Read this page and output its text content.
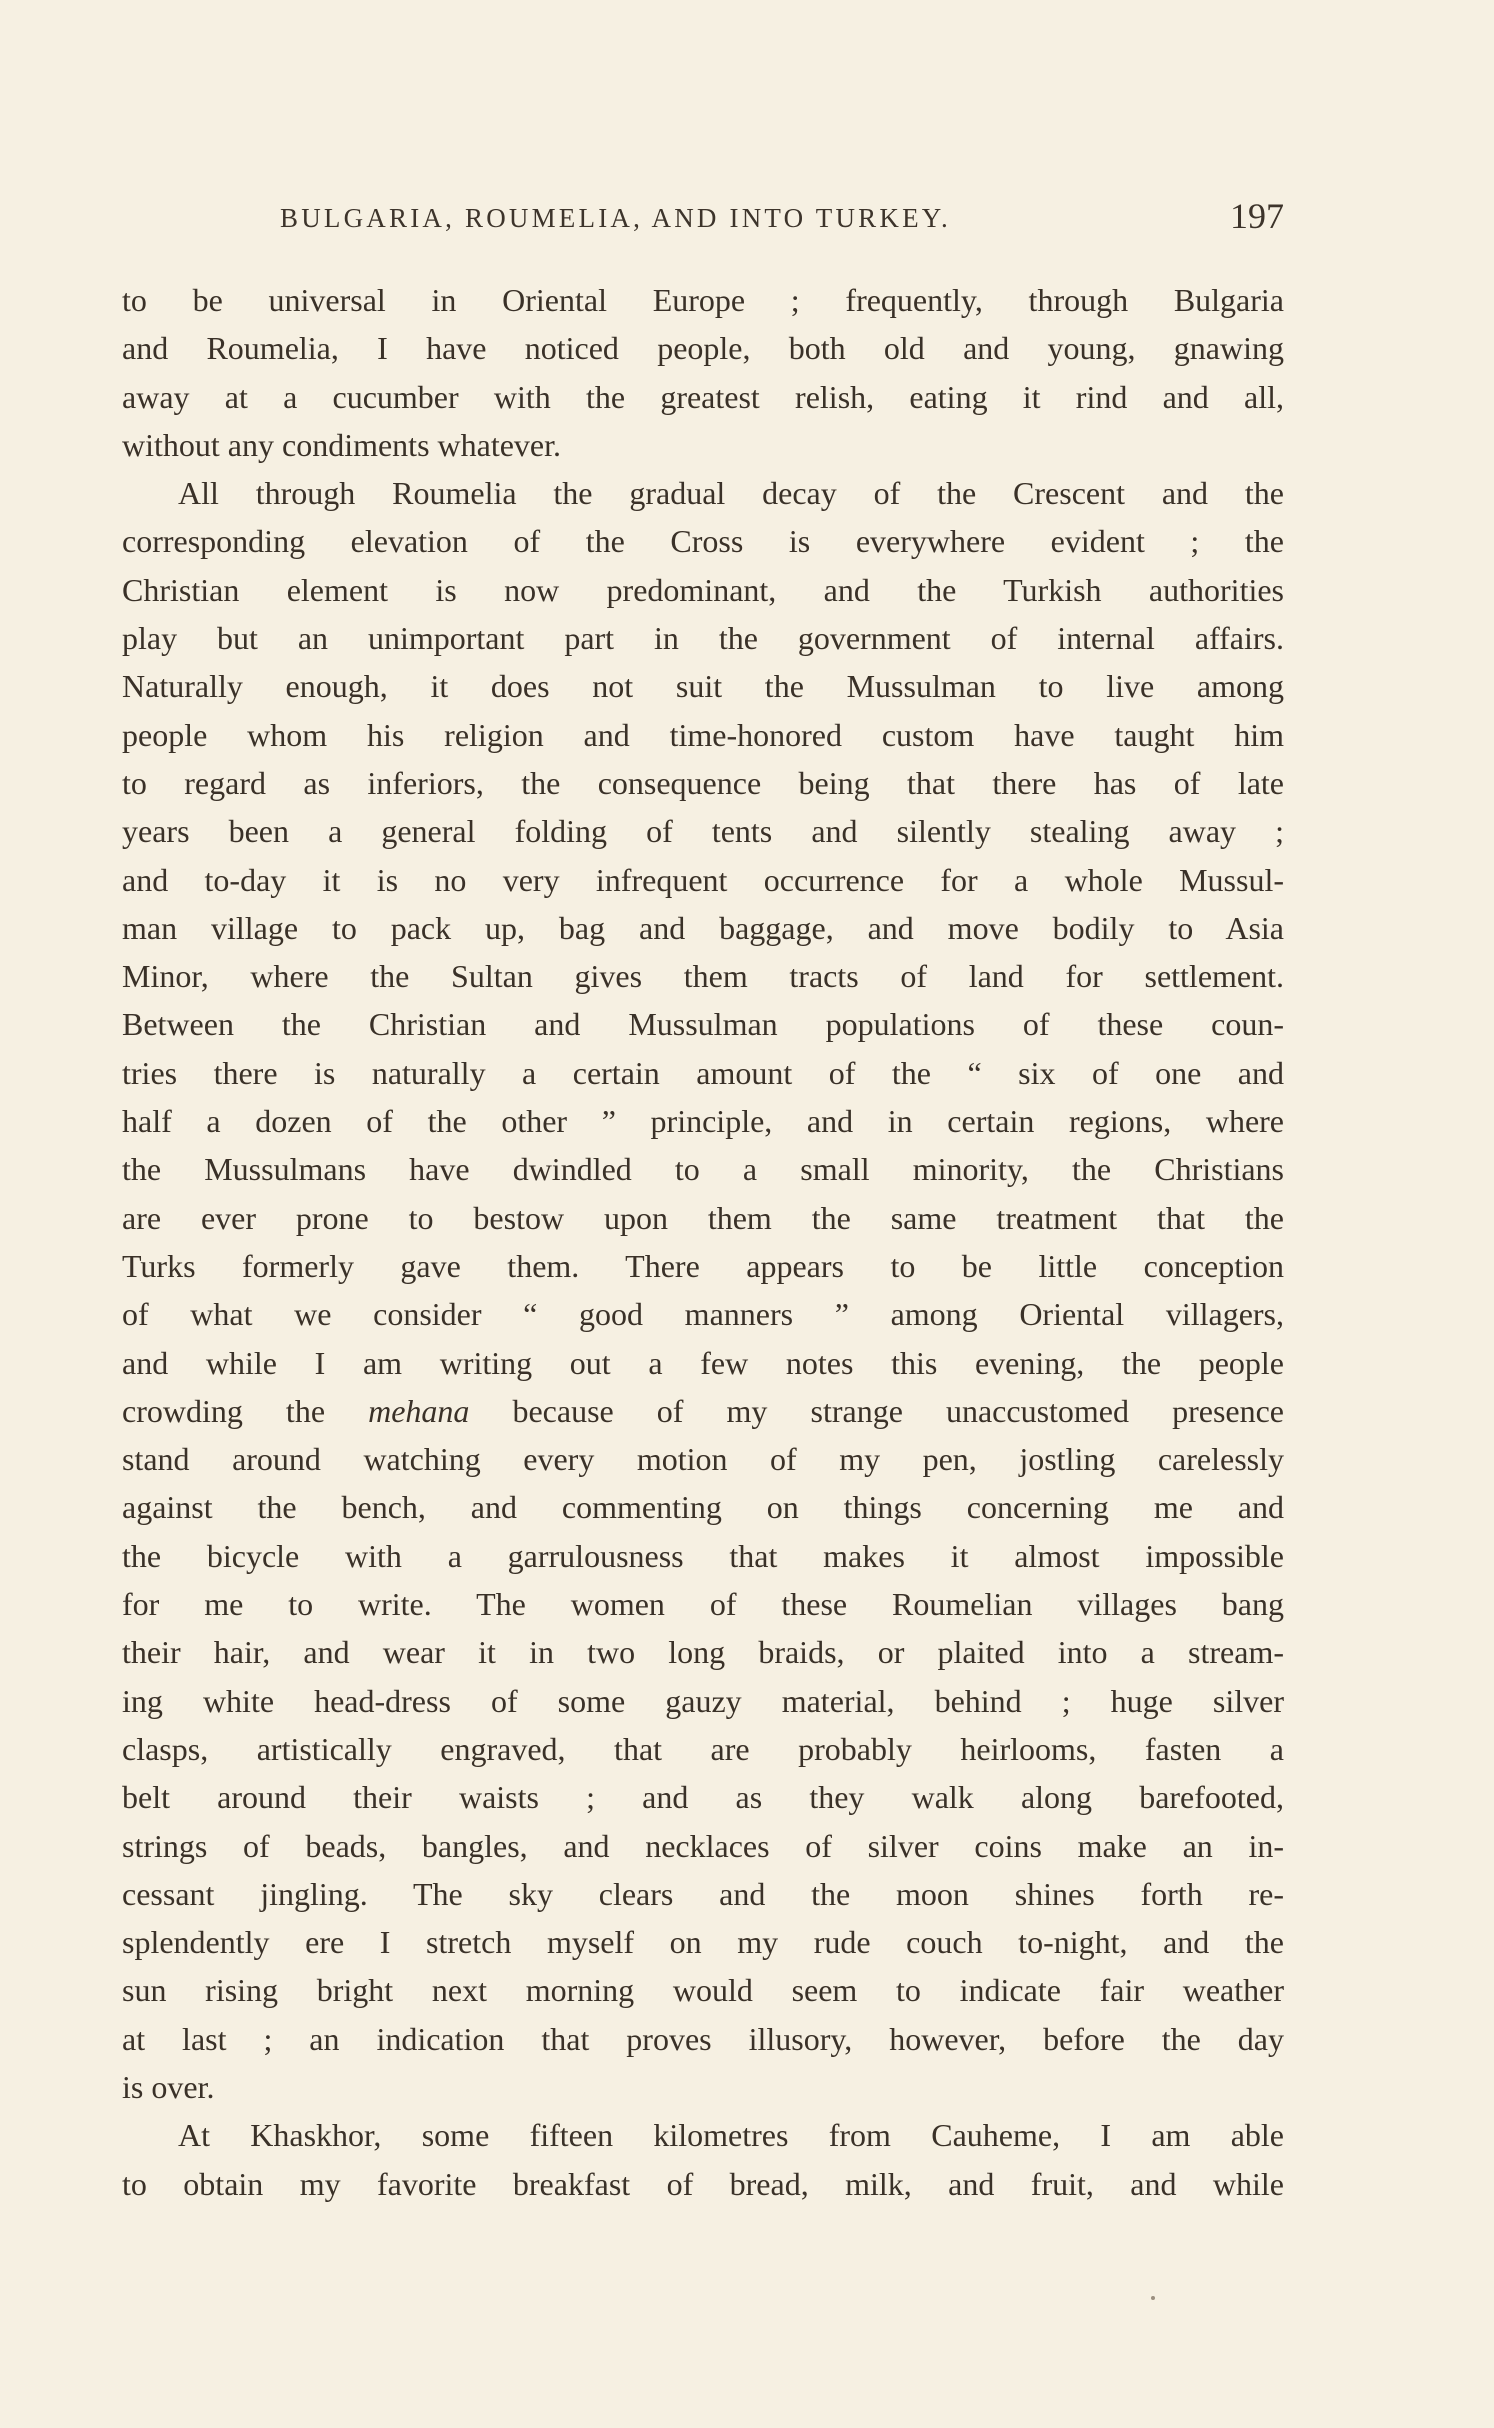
BULGARIA, ROUMELIA, AND INTO TURKEY.	197
to be universal in Oriental Europe ; frequently, through Bulgaria
and Roumelia, I have noticed people, both old and young, gnawing
away at a cucumber with the greatest relish, eating it rind and all,
without any condiments whatever.
All through Roumelia the gradual decay of the Crescent and the
corresponding elevation of the Cross is everywhere evident ; the
Christian element is now predominant, and the Turkish authorities
play but an unimportant part in the government of internal affairs.
Naturally enough, it does not suit the Mussulman to live among
people whom his religion and time-honored custom have taught him
to regard as inferiors, the consequence being that there has of late
years been a general folding of tents and silently stealing away ;
and to-day it is no very infrequent occurrence for a whole Mussul-
man village to pack up, bag and baggage, and move bodily to Asia
Minor, where the Sultan gives them tracts of land for settlement.
Between the Christian and Mussulman populations of these coun-
tries there is naturally a certain amount of the “ six of one and
half a dozen of the other ” principle, and in certain regions, where
the Mussulmans have dwindled to a small minority, the Christians
are ever prone to bestow upon them the same treatment that the
Turks formerly gave them. There appears to be little conception
of what we consider “ good manners ” among Oriental villagers,
and while I am writing out a few notes this evening, the people
crowding the mehana because of my strange unaccustomed presence
stand around watching every motion of my pen, jostling carelessly
against the bench, and commenting on things concerning me and
the bicycle with a garrulousness that makes it almost impossible
for me to write. The women of these Roumelian villages bang
their hair, and wear it in two long braids, or plaited into a stream-
ing white head-dress of some gauzy material, behind ; huge silver
clasps, artistically engraved, that are probably heirlooms, fasten a
belt around their waists ; and as they walk along barefooted,
strings of beads, bangles, and necklaces of silver coins make an in-
cessant jingling. The sky clears and the moon shines forth re-
splendently ere I stretch myself on my rude couch to-night, and the
sun rising bright next morning would seem to indicate fair weather
at last ; an indication that proves illusory, however, before the day
is over.
At Khaskhor, some fifteen kilometres from Cauheme, I am able
to obtain my favorite breakfast of bread, milk, and fruit, and while
